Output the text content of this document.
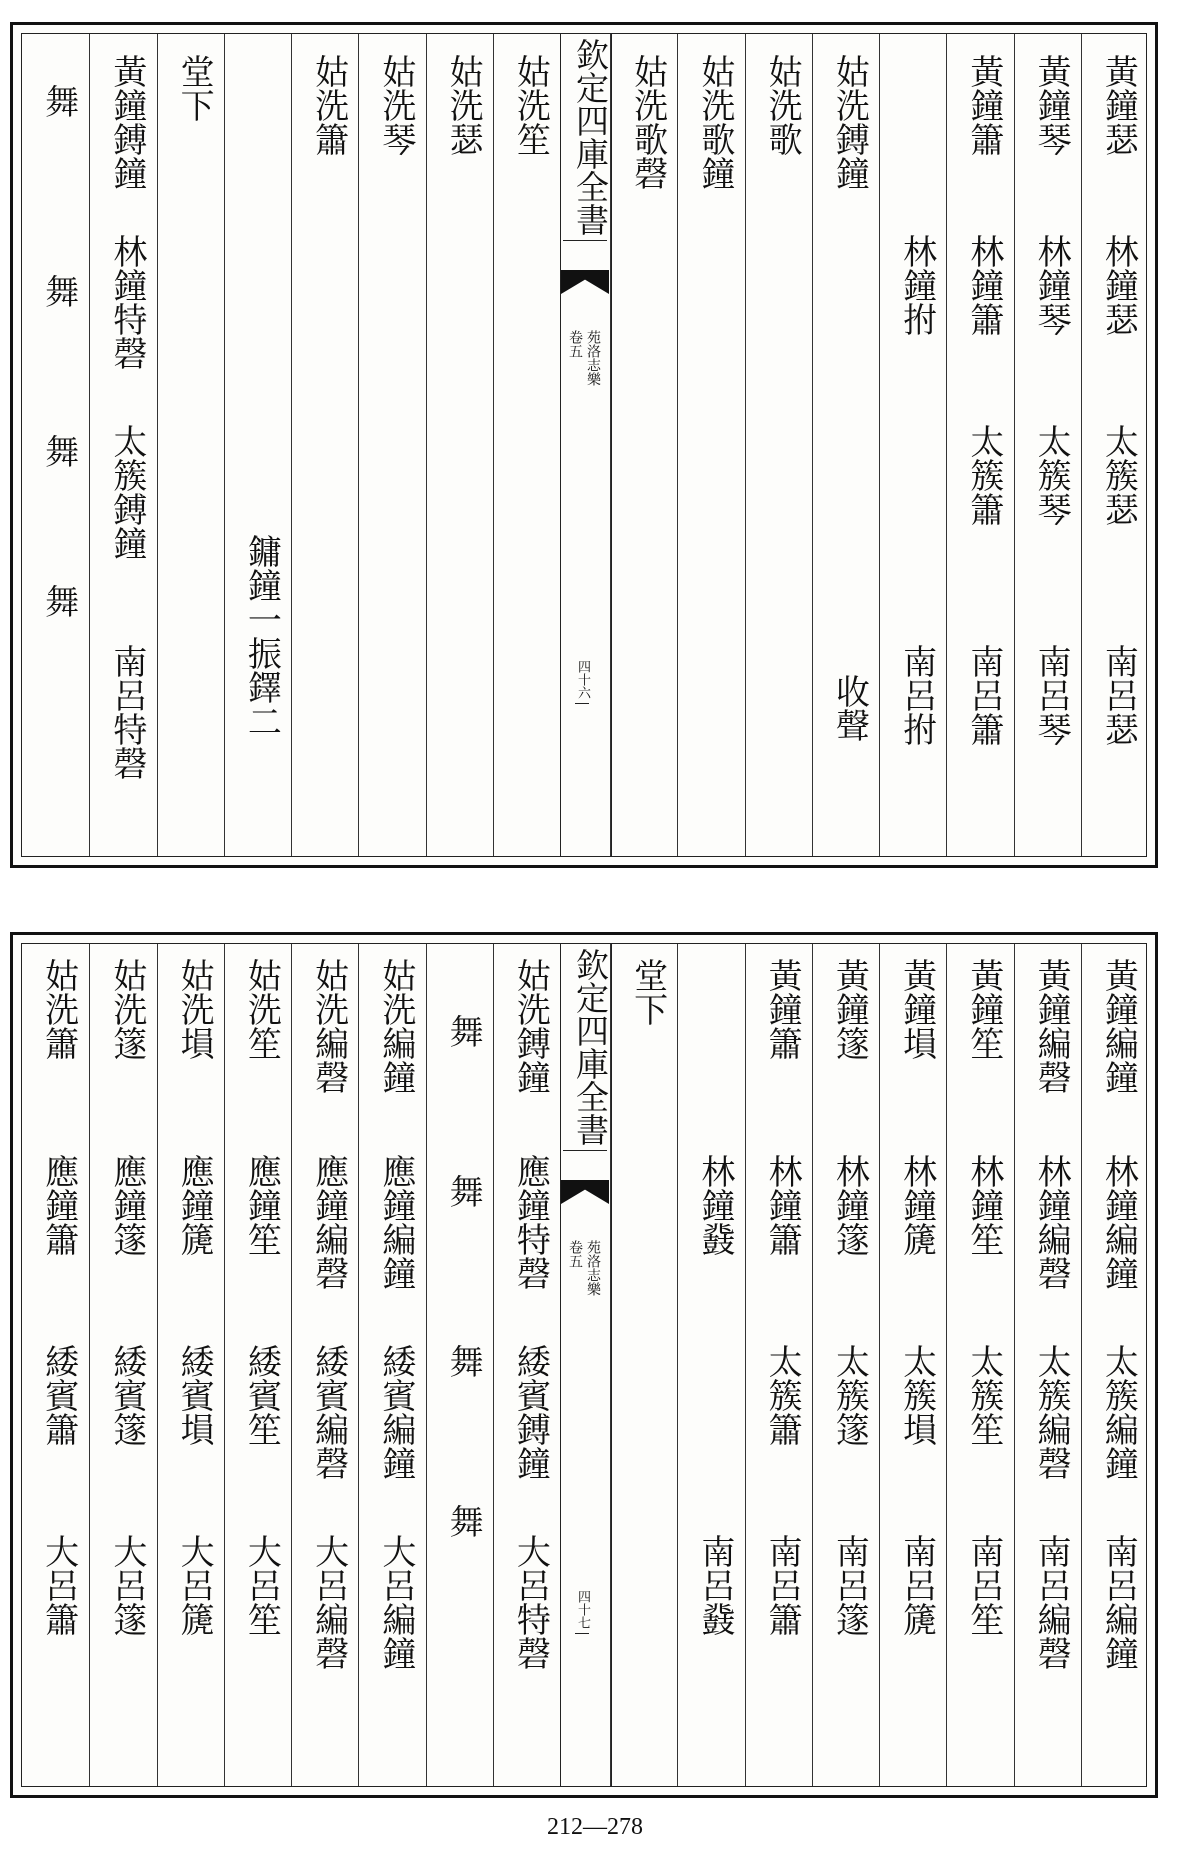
黃鐘瑟
林鐘瑟
太簇瑟
南呂瑟
黃鐘琴
林鐘琴
太簇琴
南呂琴
黃鐘簫
林鐘簫
太簇簫
南呂簫
林鐘拊
南呂拊
姑洗鎛鐘
收聲
姑洗歌
姑洗歌鐘
姑洗歌磬
欽定四庫全書
苑洛志樂
卷五
四十六
姑洗笙
姑洗瑟
姑洗琴
姑洗簫
鏞鐘一振鐸二
堂下
黃鐘鎛鐘
林鐘特磬
太簇鎛鐘
南呂特磬
舞
舞
舞
舞
黃鐘編鐘
林鐘編鐘
太簇編鐘
南呂編鐘
黃鐘編磬
林鐘編磬
太簇編磬
南呂編磬
黃鐘笙
林鐘笙
太簇笙
南呂笙
黃鐘塤
林鐘篪
太簇塤
南呂篪
黃鐘篴
林鐘篴
太簇篴
南呂篴
黃鐘簫
林鐘簫
太簇簫
南呂簫
林鐘鼗
南呂鼗
堂下
欽定四庫全書
苑洛志樂
卷五
四十七
姑洗鎛鐘
應鐘特磬
緌賓鎛鐘
大呂特磬
舞
舞
舞
舞
姑洗編鐘
應鐘編鐘
緌賓編鐘
大呂編鐘
姑洗編磬
應鐘編磬
緌賓編磬
大呂編磬
姑洗笙
應鐘笙
緌賓笙
大呂笙
姑洗塤
應鐘篪
緌賓塤
大呂篪
姑洗篴
應鐘篴
緌賓篴
大呂篴
姑洗簫
應鐘簫
緌賓簫
大呂簫
212—278
